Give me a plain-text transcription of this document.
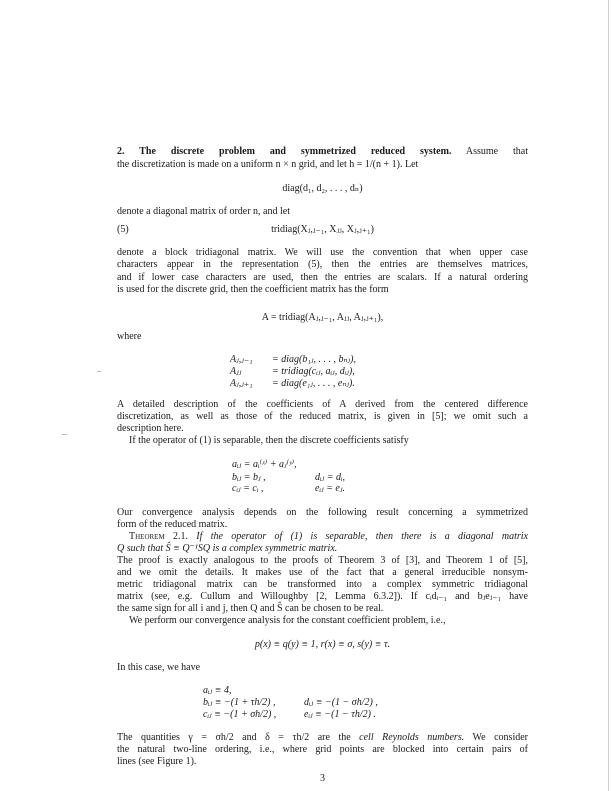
2. The discrete problem and symmetrized reduced system. Assume that
the discretization is made on a uniform n × n grid, and let h = 1/(n + 1). Let
diag(d₁, d₂, . . . , dₙ)
denote a diagonal matrix of order n, and let
(5)	tridiag(Xⱼ,ⱼ₋₁, Xⱼⱼ, Xⱼ,ⱼ₊₁)
denote a block tridiagonal matrix. We will use the convention that when upper case
characters appear in the representation (5), then the entries are themselves matrices,
and if lower case characters are used, then the entries are scalars. If a natural ordering
is used for the discrete grid, then the coefficient matrix has the form
A = tridiag(Aⱼ,ⱼ₋₁, Aⱼⱼ, Aⱼ,ⱼ₊₁),
where
Aⱼ,ⱼ₋₁ = diag(b₁ⱼ, . . . , bₙⱼ),
Aⱼⱼ	= tridiag(cᵢⱼ, aᵢⱼ, dᵢⱼ),
Aⱼ,ⱼ₊₁ = diag(e₁ⱼ, . . . , eₙⱼ).
A detailed description of the coefficients of A derived from the centered difference
discretization, as well as those of the reduced matrix, is given in [5]; we omit such a
description here.
If the operator of (1) is separable, then the discrete coefficients satisfy
aᵢⱼ = aᵢ⁽ˣ⁾ + aⱼ⁽ʸ⁾,
bᵢⱼ = bⱼ ,	dᵢⱼ = dᵢ,
cᵢⱼ = cᵢ ,	eᵢⱼ = eⱼ.
Our convergence analysis depends on the following result concerning a symmetrized
form of the reduced matrix.
Theorem 2.1. If the operator of (1) is separable, then there is a diagonal matrix
Q such that Ŝ ≡ Q⁻¹SQ is a complex symmetric matrix.
The proof is exactly analogous to the proofs of Theorem 3 of [3], and Theorem 1 of [5],
and we omit the details. It makes use of the fact that a general irreducible nonsym-
metric tridiagonal matrix can be transformed into a complex symmetric tridiagonal
matrix (see, e.g. Cullum and Willoughby [2, Lemma 6.3.2]). If cᵢdᵢ₋₁ and bⱼeⱼ₋₁ have
the same sign for all i and j, then Q and Ŝ can be chosen to be real.
We perform our convergence analysis for the constant coefficient problem, i.e.,
p(x) ≡ q(y) ≡ 1, r(x) ≡ σ, s(y) ≡ τ.
In this case, we have
aᵢⱼ ≡ 4,
bᵢⱼ ≡ −(1 + τh/2) ,	dᵢⱼ ≡ −(1 − σh/2) ,
cᵢⱼ ≡ −(1 + σh/2) ,	eᵢⱼ ≡ −(1 − τh/2) .
The quantities γ = σh/2 and δ = τh/2 are the cell Reynolds numbers. We consider
the natural two-line ordering, i.e., where grid points are blocked into certain pairs of
lines (see Figure 1).
3
